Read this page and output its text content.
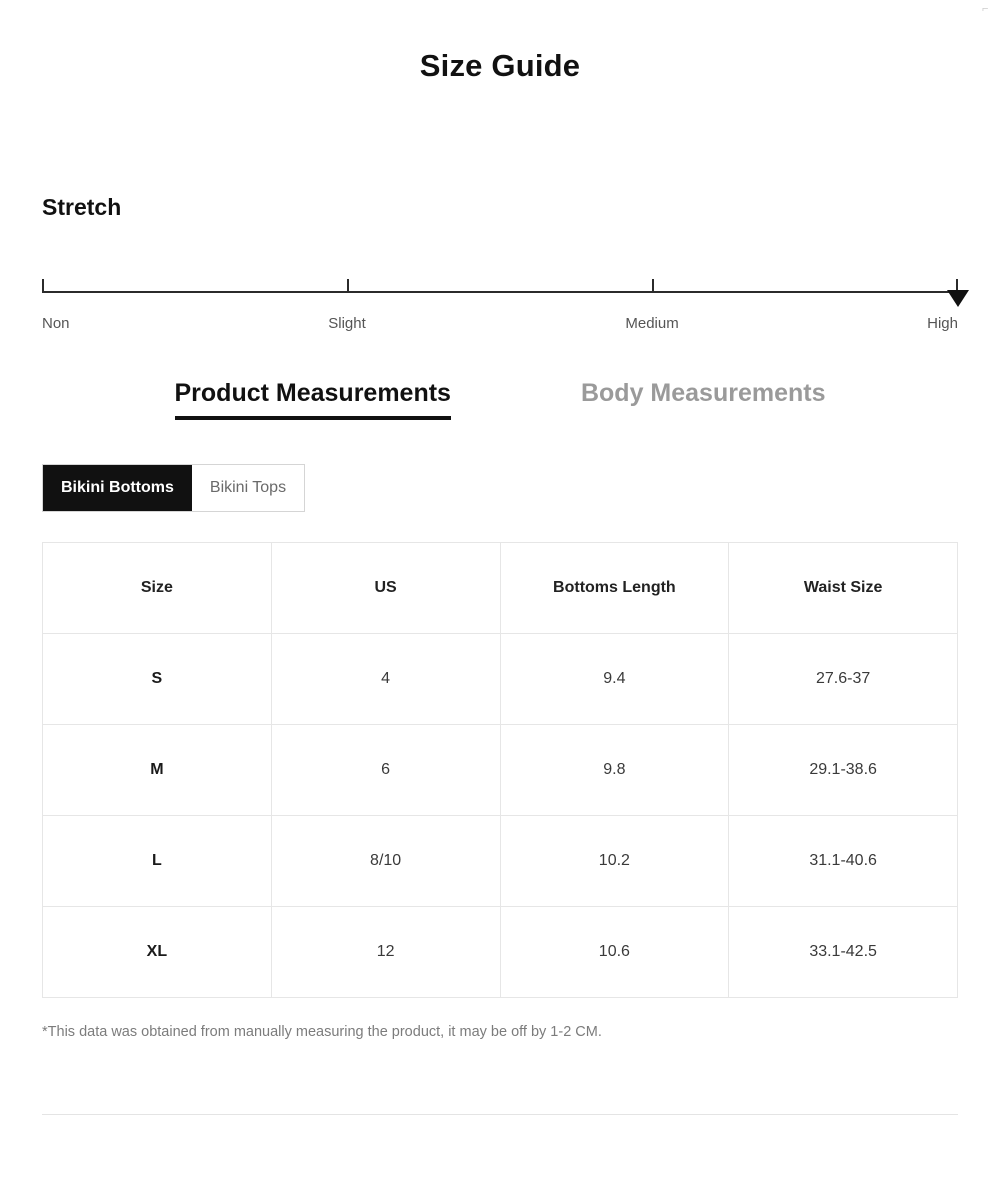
⌐
Size Guide
Stretch
Non	Slight	Medium	High
Product Measurements	Body Measurements
Bikini Bottoms	Bikini Tops
Size	US	Bottoms Length	Waist Size
S	4	9.4	27.6-37
M	6	9.8	29.1-38.6
L	8/10	10.2	31.1-40.6
XL	12	10.6	33.1-42.5
*This data was obtained from manually measuring the product, it may be off by 1-2 CM.
